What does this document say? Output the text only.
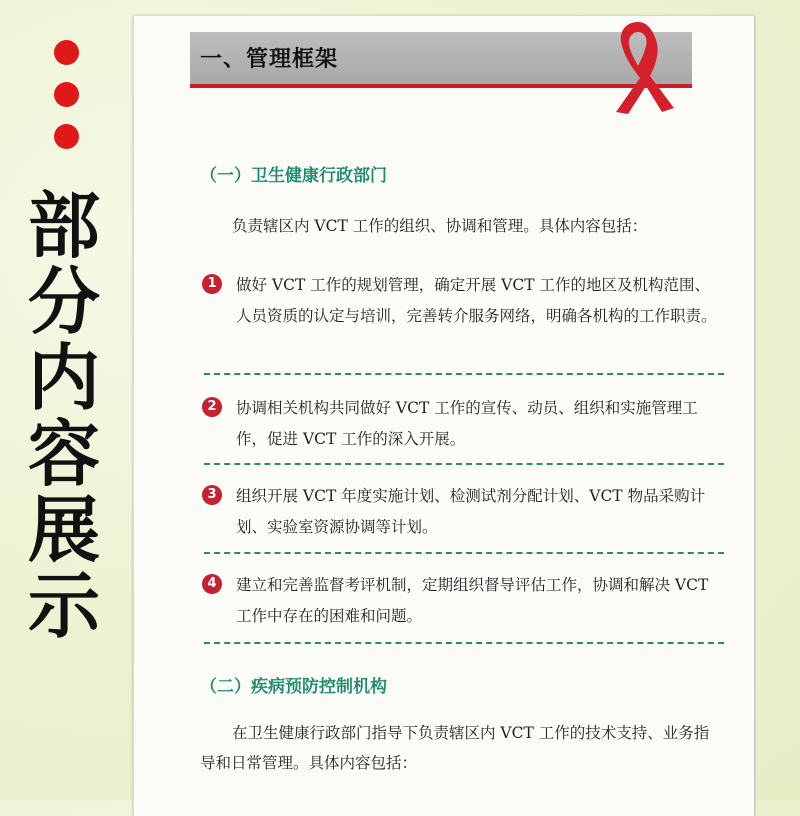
部
分
内
容
展
示
一、管理框架
（一）卫生健康行政部门
负责辖区内 VCT 工作的组织、协调和管理。具体内容包括：
1	做好 VCT 工作的规划管理，确定开展 VCT 工作的地区及机构范围、人员资质的认定与培训，完善转介服务网络，明确各机构的工作职责。
2	协调相关机构共同做好 VCT 工作的宣传、动员、组织和实施管理工作，促进 VCT 工作的深入开展。
3	组织开展 VCT 年度实施计划、检测试剂分配计划、VCT 物品采购计划、实验室资源协调等计划。
4	建立和完善监督考评机制，定期组织督导评估工作，协调和解决 VCT 工作中存在的困难和问题。
（二）疾病预防控制机构
在卫生健康行政部门指导下负责辖区内 VCT 工作的技术支持、业务指导和日常管理。具体内容包括：
